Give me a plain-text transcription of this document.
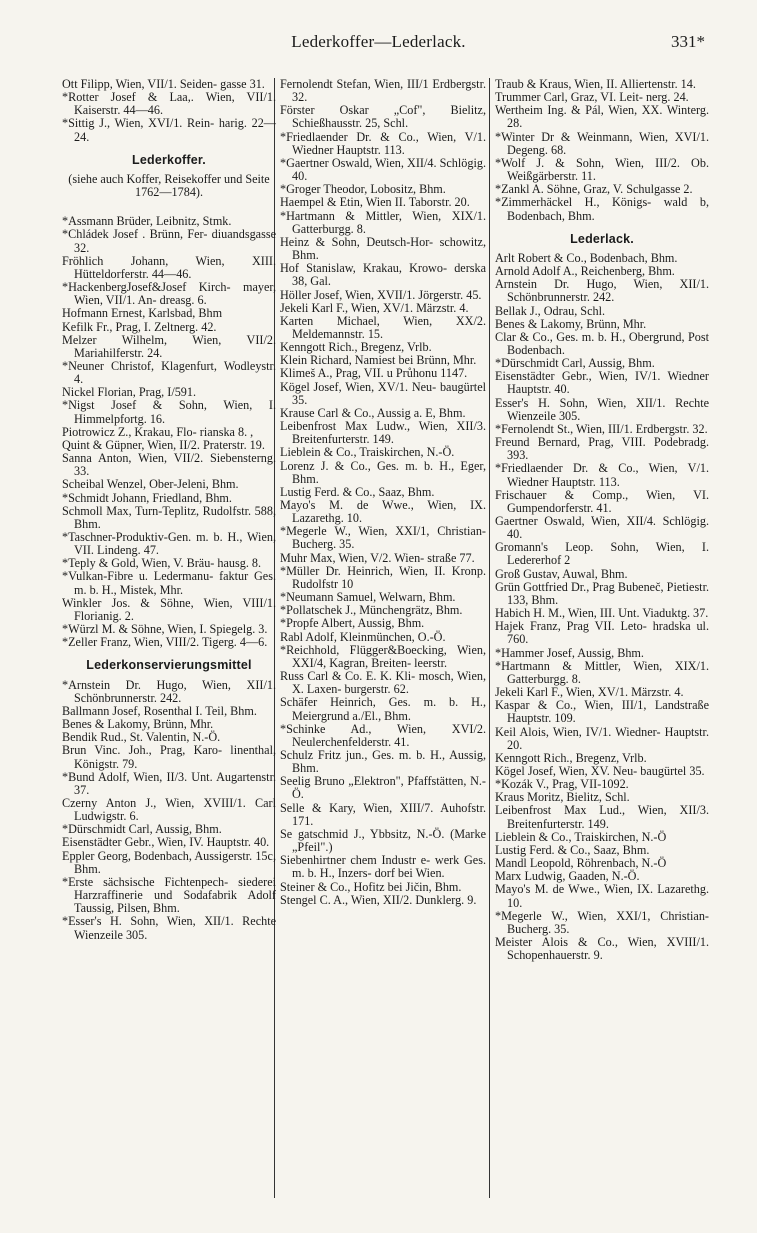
Lederkoffer—Lederlack.	331*
Ott Filipp, Wien, VII/1. Seiden- gasse 31.
*Rotter Josef & Laa,. Wien, VII/1. Kaiserstr. 44—46.
*Sittig J., Wien, XVI/1. Rein- harig. 22—24.
Lederkoffer.
(siehe auch Koffer, Reisekoffer und Seite 1762—1784).
*Assmann Brüder, Leibnitz, Stmk.
*Chládek Josef . Brünn, Fer- diuandsgasse 32.
Fröhlich Johann, Wien, XIII. Hütteldorferstr. 44—46.
*HackenbergJosef&Josef Kirch- mayer, Wien, VII/1. An- dreasg. 6.
Hofmann Ernest, Karlsbad, Bhm
Kefilk Fr., Prag, I. Zeltnerg. 42.
Melzer Wilhelm, Wien, VII/2. Mariahilferstr. 24.
*Neuner Christof, Klagenfurt, Wodleystr. 4.
Nickel Florian, Prag, I/591.
*Nigst Josef & Sohn, Wien, I. Himmelpfortg. 16.
Piotrowicz Z., Krakau, Flo- rianska 8. ,
Quint & Güpner, Wien, II/2. Praterstr. 19.
Sanna Anton, Wien, VII/2. Siebensterng. 33.
Scheibal Wenzel, Ober-Jeleni, Bhm.
*Schmidt Johann, Friedland, Bhm.
Schmoll Max, Turn-Teplitz, Rudolfstr. 588, Bhm.
*Taschner-Produktiv-Gen. m. b. H., Wien, VII. Lindeng. 47.
*Teply & Gold, Wien, V. Bräu- hausg. 8.
*Vulkan-Fibre u. Ledermanu- faktur Ges. m. b. H., Mistek, Mhr.
Winkler Jos. & Söhne, Wien, VIII/1. Florianig. 2.
*Würzl M. & Söhne, Wien, I. Spiegelg. 3.
*Zeller Franz, Wien, VIII/2. Tigerg. 4—6.
Lederkonservierungsmittel
*Arnstein Dr. Hugo, Wien, XII/1. Schönbrunnerstr. 242.
Ballmann Josef, Rosenthal I. Teil, Bhm.
Benes & Lakomy, Brünn, Mhr.
Bendik Rud., St. Valentin, N.-Ö.
Brun Vinc. Joh., Prag, Karo- linenthal, Königstr. 79.
*Bund Adolf, Wien, II/3. Unt. Augartenstr. 37.
Czerny Anton J., Wien, XVIII/1. Carl Ludwigstr. 6.
*Dürschmidt Carl, Aussig, Bhm.
Eisenstädter Gebr., Wien, IV. Hauptstr. 40.
Eppler Georg, Bodenbach, Aussigerstr. 15c, Bhm.
*Erste sächsische Fichtenpech- siederei Harzraffinerie und Sodafabrik Adolf Taussig, Pilsen, Bhm.
*Esser's H. Sohn, Wien, XII/1. Rechte Wienzeile 305.
Fernolendt Stefan, Wien, III/1 Erdbergstr. 32.
Förster Oskar „Cof", Bielitz, Schießhausstr. 25, Schl.
*Friedlaender Dr. & Co., Wien, V/1. Wiedner Hauptstr. 113.
*Gaertner Oswald, Wien, XII/4. Schlögig. 40.
*Groger Theodor, Lobositz, Bhm.
Haempel & Etin, Wien II. Taborstr. 20.
*Hartmann & Mittler, Wien, XIX/1. Gatterburgg. 8.
Heinz & Sohn, Deutsch-Hor- schowitz, Bhm.
Hof Stanislaw, Krakau, Krowo- derska 38, Gal.
Höller Josef, Wien, XVII/1. Jörgerstr. 45.
Jekeli Karl F., Wien, XV/1. Märzstr. 4.
Karten Michael, Wien, XX/2. Meldemannstr. 15.
Kenngott Rich., Bregenz, Vrlb.
Klein Richard, Namiest bei Brünn, Mhr.
Klimeš A., Prag, VII. u Průhonu 1147.
Kögel Josef, Wien, XV/1. Neu- baugürtel 35.
Krause Carl & Co., Aussig a. E, Bhm.
Leibenfrost Max Ludw., Wien, XII/3. Breitenfurterstr. 149.
Lieblein & Co., Traiskirchen, N.-Ö.
Lorenz J. & Co., Ges. m. b. H., Eger, Bhm.
Lustig Ferd. & Co., Saaz, Bhm.
Mayo's M. de Wwe., Wien, IX. Lazarethg. 10.
*Megerle W., Wien, XXI/1, Christian-Bucherg. 35.
Muhr Max, Wien, V/2. Wien- straße 77.
*Müller Dr. Heinrich, Wien, II. Kronp. Rudolfstr 10
*Neumann Samuel, Welwarn, Bhm.
*Pollatschek J., Münchengrätz, Bhm.
*Propfe Albert, Aussig, Bhm.
Rabl Adolf, Kleinmünchen, O.-Ö.
*Reichhold, Flügger&Boecking, Wien, XXI/4, Kagran, Breiten- leerstr.
Russ Carl & Co. E. K. Kli- mosch, Wien, X. Laxen- burgerstr. 62.
Schäfer Heinrich, Ges. m. b. H., Meiergrund a./El., Bhm.
*Schinke Ad., Wien, XVI/2. Neulerchenfelderstr. 41.
Schulz Fritz jun., Ges. m. b. H., Aussig, Bhm.
Seelig Bruno „Elektron", Pfaffstätten, N.-Ö.
Selle & Kary, Wien, XIII/7. Auhofstr. 171.
Se gatschmid J., Ybbsitz, N.-Ö. (Marke „Pfeil".)
Siebenhirtner chem Industr e- werk Ges. m. b. H., Inzers- dorf bei Wien.
Steiner & Co., Hofitz bei Jičin, Bhm.
Stengel C. A., Wien, XII/2. Dunklerg. 9.
Traub & Kraus, Wien, II. Alliertenstr. 14.
Trummer Carl, Graz, VI. Leit- nerg. 24.
Wertheim Ing. & Pál, Wien, XX. Winterg. 28.
*Winter Dr & Weinmann, Wien, XVI/1. Degeng. 68.
*Wolf J. & Sohn, Wien, III/2. Ob. Weißgärberstr. 11.
*Zankl A. Söhne, Graz, V. Schulgasse 2.
*Zimmerhäckel H., Königs- wald b, Bodenbach, Bhm.
Lederlack.
Arlt Robert & Co., Bodenbach, Bhm.
Arnold Adolf A., Reichenberg, Bhm.
Arnstein Dr. Hugo, Wien, XII/1. Schönbrunnerstr. 242.
Bellak J., Odrau, Schl.
Benes & Lakomy, Brünn, Mhr.
Clar & Co., Ges. m. b. H., Obergrund, Post Bodenbach.
*Dürschmidt Carl, Aussig, Bhm.
Eisenstädter Gebr., Wien, IV/1. Wiedner Hauptstr. 40.
Esser's H. Sohn, Wien, XII/1. Rechte Wienzeile 305.
*Fernolendt St., Wien, III/1. Erdbergstr. 32.
Freund Bernard, Prag, VIII. Podebradg. 393.
*Friedlaender Dr. & Co., Wien, V/1. Wiedner Hauptstr. 113.
Frischauer & Comp., Wien, VI. Gumpendorferstr. 41.
Gaertner Oswald, Wien, XII/4. Schlögig. 40.
Gromann's Leop. Sohn, Wien, I. Ledererhof 2
Groß Gustav, Auwal, Bhm.
Grün Gottfried Dr., Prag Bubeneč, Pietiestr. 133, Bhm.
Habich H. M., Wien, III. Unt. Viaduktg. 37.
Hajek Franz, Prag VII. Leto- hradska ul. 760.
*Hammer Josef, Aussig, Bhm.
*Hartmann & Mittler, Wien, XIX/1. Gatterburgg. 8.
Jekeli Karl F., Wien, XV/1. Märzstr. 4.
Kaspar & Co., Wien, III/1, Landstraße Hauptstr. 109.
Keil Alois, Wien, IV/1. Wiedner- Hauptstr. 20.
Kenngott Rich., Bregenz, Vrlb.
Kögel Josef, Wien, XV. Neu- baugürtel 35.
*Kozák V., Prag, VII-1092.
Kraus Moritz, Bielitz, Schl.
Leibenfrost Max Lud., Wien, XII/3. Breitenfurterstr. 149.
Lieblein & Co., Traiskirchen, N.-Ö
Lustig Ferd. & Co., Saaz, Bhm.
Mandl Leopold, Röhrenbach, N.-Ö
Marx Ludwig, Gaaden, N.-Ö.
Mayo's M. de Wwe., Wien, IX. Lazarethg. 10.
*Megerle W., Wien, XXI/1, Christian-Bucherg. 35.
Meister Alois & Co., Wien, XVIII/1. Schopenhauerstr. 9.
